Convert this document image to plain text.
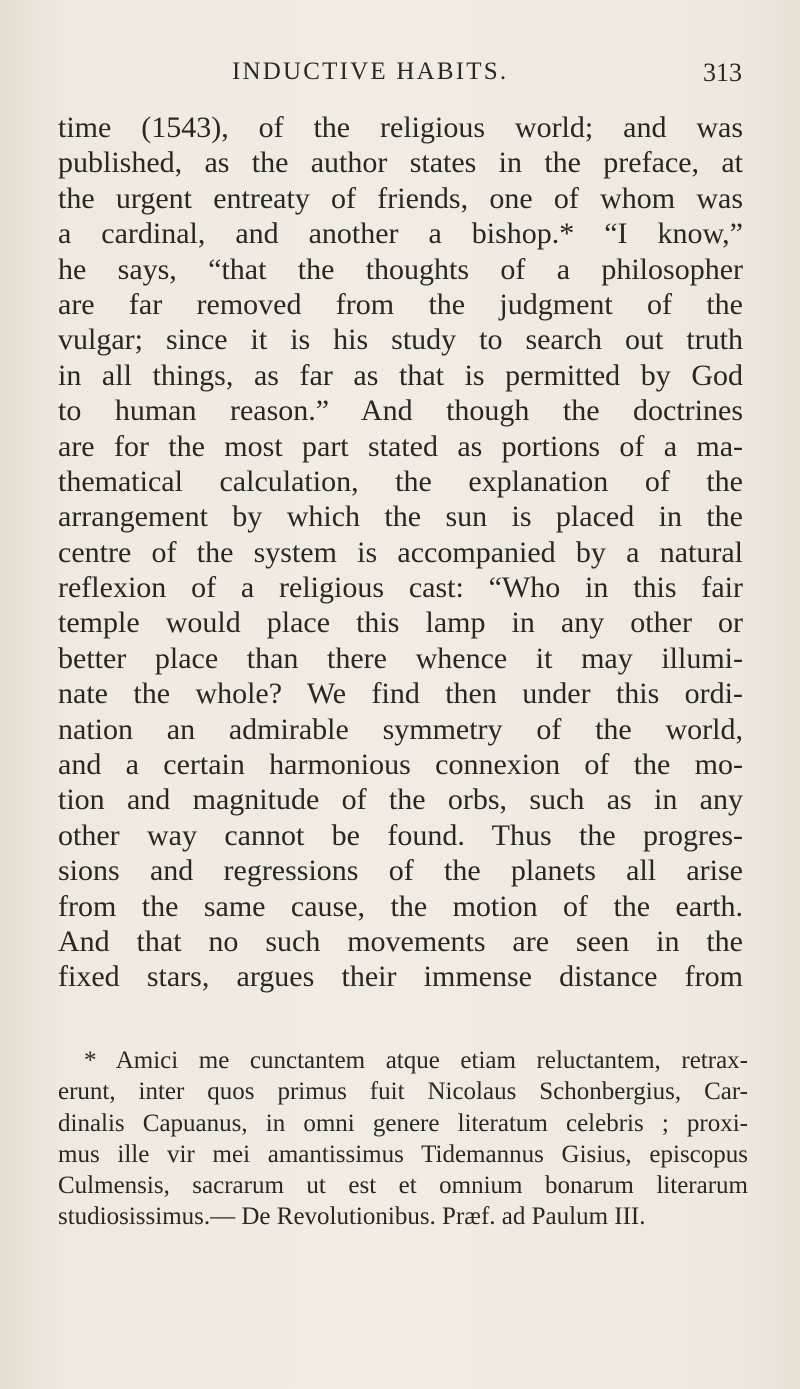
INDUCTIVE HABITS.	313
time (1543), of the religious world; and was
published, as the author states in the preface, at
the urgent entreaty of friends, one of whom was
a cardinal, and another a bishop.* “I know,”
he says, “that the thoughts of a philosopher
are far removed from the judgment of the
vulgar; since it is his study to search out truth
in all things, as far as that is permitted by God
to human reason.” And though the doctrines
are for the most part stated as portions of a ma-
thematical calculation, the explanation of the
arrangement by which the sun is placed in the
centre of the system is accompanied by a natural
reflexion of a religious cast: “Who in this fair
temple would place this lamp in any other or
better place than there whence it may illumi-
nate the whole? We find then under this ordi-
nation an admirable symmetry of the world,
and a certain harmonious connexion of the mo-
tion and magnitude of the orbs, such as in any
other way cannot be found. Thus the progres-
sions and regressions of the planets all arise
from the same cause, the motion of the earth.
And that no such movements are seen in the
fixed stars, argues their immense distance from
* Amici me cunctantem atque etiam reluctantem, retrax-
erunt, inter quos primus fuit Nicolaus Schonbergius, Car-
dinalis Capuanus, in omni genere literatum celebris ; proxi-
mus ille vir mei amantissimus Tidemannus Gisius, episcopus
Culmensis, sacrarum ut est et omnium bonarum literarum
studiosissimus.— De Revolutionibus. Præf. ad Paulum III.
